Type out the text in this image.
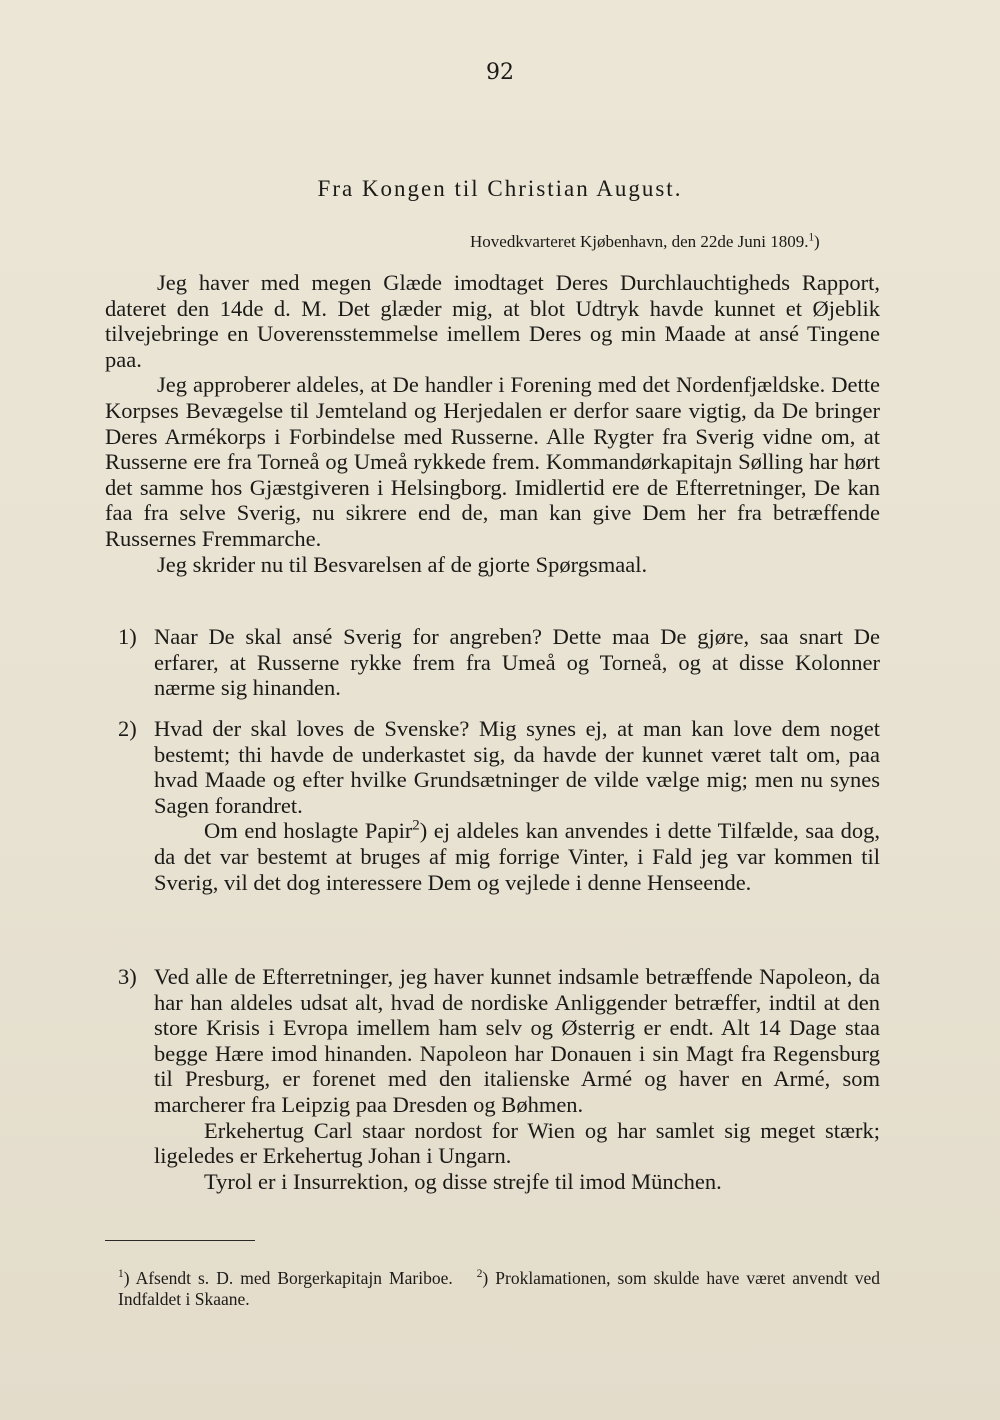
92
Fra Kongen til Christian August.
Hovedkvarteret Kjøbenhavn, den 22de Juni 1809.$^1$)

Jeg haver med megen Glæde imodtaget Deres Durchlauchtigheds Rapport, dateret den 14de d. M. Det glæder mig, at blot Udtryk havde kunnet et Øjeblik tilvejebringe en Uoverensstemmelse imellem Deres og min Maade at ansé Tingene paa.

Jeg approberer aldeles, at De handler i Forening med det Nordenfjældske. Dette Korpses Bevægelse til Jemteland og Herjedalen er derfor saare vigtig, da De bringer Deres Armékorps i Forbindelse med Russerne. Alle Rygter fra Sverig vidne om, at Russerne ere fra Torneå og Umeå rykkede frem. Kommandørkapitajn Sølling har hørt det samme hos Gjæstgiveren i Helsingborg. Imidlertid ere de Efterretninger, De kan faa fra selve Sverig, nu sikrere end de, man kan give Dem her fra betræffende Russernes Fremmarche.

Jeg skrider nu til Besvarelsen af de gjorte Spørgsmaal.

1) Naar De skal ansé Sverig for angreben? Dette maa De gjøre, saa snart De erfarer, at Russerne rykke frem fra Umeå og Torneå, og at disse Kolonner nærme sig hinanden.

2) Hvad der skal loves de Svenske? Mig synes ej, at man kan love dem noget bestemt; thi havde de underkastet sig, da havde der kunnet været talt om, paa hvad Maade og efter hvilke Grundsætninger de vilde vælge mig; men nu synes Sagen forandret.

Om end hoslagte Papir$^2$) ej aldeles kan anvendes i dette Tilfælde, saa dog, da det var bestemt at bruges af mig forrige Vinter, i Fald jeg var kommen til Sverig, vil det dog interessere Dem og vejlede i denne Henseende.

3) Ved alle de Efterretninger, jeg haver kunnet indsamle betræffende Napoleon, da har han aldeles udsat alt, hvad de nordiske Anliggender betræffer, indtil at den store Krisis i Evropa imellem ham selv og Østerrig er endt. Alt 14 Dage staa begge Hære imod hinanden. Napoleon har Donauen i sin Magt fra Regensburg til Presburg, er forenet med den italienske Armé og haver en Armé, som marcherer fra Leipzig paa Dresden og Bøhmen.

Erkehertug Carl staar nordost for Wien og har samlet sig meget stærk; ligeledes er Erkehertug Johan i Ungarn.

Tyrol er i Insurrektion, og disse strejfe til imod München.

$^1$) Afsendt s. D. med Borgerkapitajn Mariboe. $^2$) Proklamationen, som skulde have været anvendt ved Indfaldet i Skaane.
